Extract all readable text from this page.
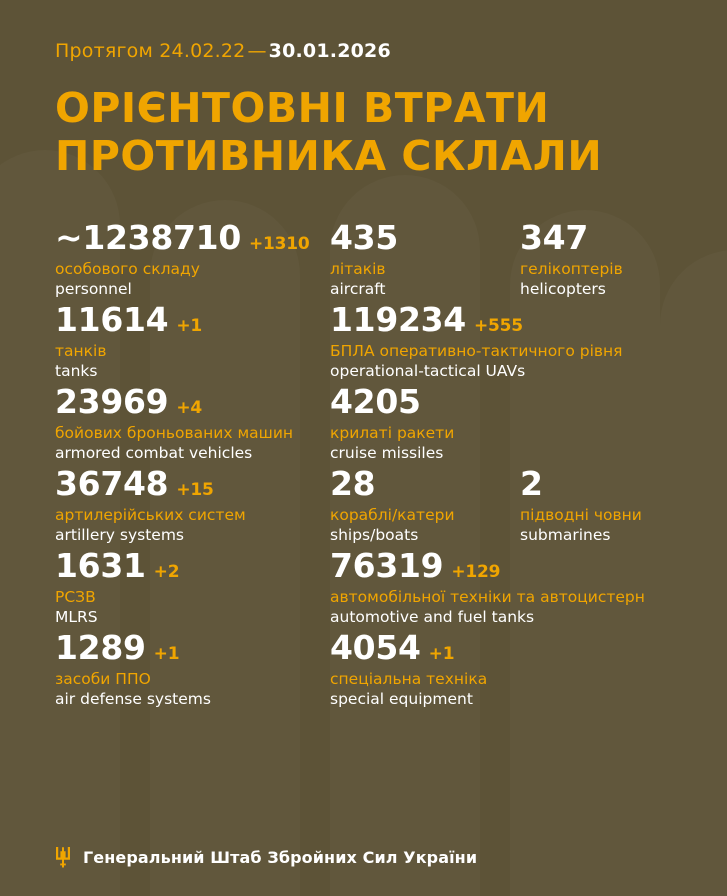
Протягом 24.02.22 — 30.01.2026
ОРІЄНТОВНІ ВТРАТИ
ПРОТИВНИКА СКЛАЛИ
~1238710 +1310
особового складу
personnel
435
літаків
aircraft
347
гелікоптерів
helicopters
11614 +1
танків
tanks
119234 +555
БПЛА оперативно-тактичного рівня
operational-tactical UAVs
23969 +4
бойових броньованих машин
armored combat vehicles
4205
крилаті ракети
cruise missiles
36748 +15
артилерійських систем
artillery systems
28
кораблі/катери
ships/boats
2
підводні човни
submarines
1631 +2
РСЗВ
MLRS
76319 +129
автомобільної техніки та автоцистерн
automotive and fuel tanks
1289 +1
засоби ППО
air defense systems
4054 +1
спеціальна техніка
special equipment
Генеральний Штаб Збройних Сил України
